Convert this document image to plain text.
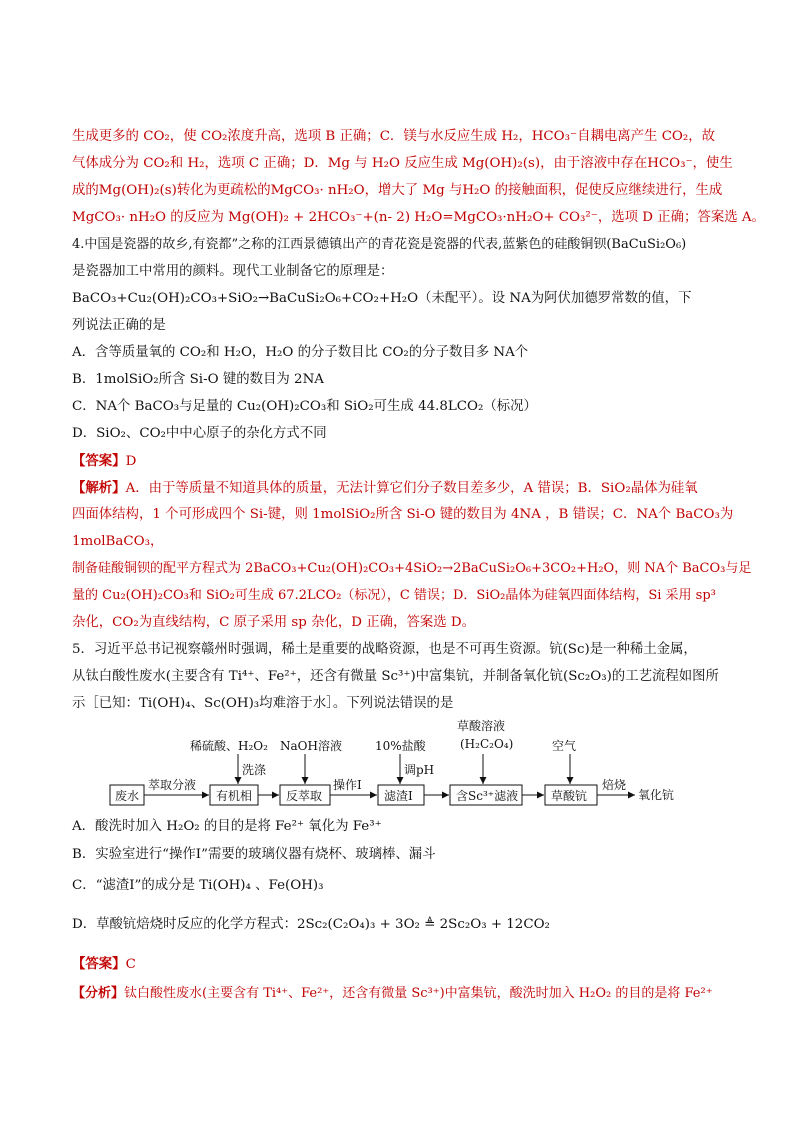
生成更多的 CO₂，使 CO₂浓度升高，选项 B 正确；C．镁与水反应生成 H₂，HCO₃⁻自耦电离产生 CO₂，故
气体成分为 CO₂和 H₂，选项 C 正确；D．Mg 与 H₂O 反应生成 Mg(OH)₂(s)，由于溶液中存在HCO₃⁻，使生
成的Mg(OH)₂(s)转化为更疏松的MgCO₃· nH₂O，增大了 Mg 与H₂O 的接触面积，促使反应继续进行，生成
MgCO₃· nH₂O 的反应为 Mg(OH)₂ + 2HCO₃⁻+(n- 2) H₂O=MgCO₃·nH₂O+ CO₃²⁻，选项 D 正确；答案选 A。
4.中国是瓷器的故乡,有瓷都”之称的江西景德镇出产的青花瓷是瓷器的代表,蓝紫色的硅酸铜钡(BaCuSi₂O₆)
是瓷器加工中常用的颜料。现代工业制备它的原理是：
BaCO₃+Cu₂(OH)₂CO₃+SiO₂→BaCuSi₂O₆+CO₂+H₂O（未配平）。设 NA为阿伏加德罗常数的值，下
列说法正确的是
A．含等质量氧的 CO₂和 H₂O，H₂O 的分子数目比 CO₂的分子数目多 NA个
B．1molSiO₂所含 Si-O 键的数目为 2NA
C．NA个 BaCO₃与足量的 Cu₂(OH)₂CO₃和 SiO₂可生成 44.8LCO₂（标况）
D．SiO₂、CO₂中中心原子的杂化方式不同
【答案】D
【解析】A．由于等质量不知道具体的质量，无法计算它们分子数目差多少，A 错误；B．SiO₂晶体为硅氧
四面体结构，1 个可形成四个 Si-键，则 1molSiO₂所含 Si-O 键的数目为 4NA ，B 错误；C．NA个 BaCO₃为
1molBaCO₃，
制备硅酸铜钡的配平方程式为 2BaCO₃+Cu₂(OH)₂CO₃+4SiO₂→2BaCuSi₂O₆+3CO₂+H₂O，则 NA个 BaCO₃与足
量的 Cu₂(OH)₂CO₃和 SiO₂可生成 67.2LCO₂（标况），C 错误；D．SiO₂晶体为硅氧四面体结构，Si 采用 sp³
杂化，CO₂为直线结构，C 原子采用 sp 杂化，D 正确，答案选 D。
5．习近平总书记视察赣州时强调，稀土是重要的战略资源，也是不可再生资源。钪(Sc)是一种稀土金属，
从钛白酸性废水(主要含有 Ti⁴⁺、Fe²⁺，还含有微量 Sc³⁺)中富集钪，并制备氧化钪(Sc₂O₃)的工艺流程如图所
示［已知：Ti(OH)₄、Sc(OH)₃均难溶于水］。下列说法错误的是
稀硫酸、H₂O₂ NaOH溶液	10%盐酸
草酸溶液
(H₂C₂O₄)	空气
洗涤	调pH
废水	有机相	反萃取	滤渣Ⅰ	含Sc³⁺滤液	草酸钪
萃取分液	操作Ⅰ	焙烧
氧化钪
A．酸洗时加入 H₂O₂ 的目的是将 Fe²⁺ 氧化为 Fe³⁺
B．实验室进行“操作Ⅰ”需要的玻璃仪器有烧杯、玻璃棒、漏斗
C．“滤渣Ⅰ”的成分是 Ti(OH)₄ 、Fe(OH)₃
D．草酸钪焙烧时反应的化学方程式：2Sc₂(C₂O₄)₃ + 3O₂ ≜ 2Sc₂O₃ + 12CO₂
【答案】C
【分析】钛白酸性废水(主要含有 Ti⁴⁺、Fe²⁺，还含有微量 Sc³⁺)中富集钪，酸洗时加入 H₂O₂ 的目的是将 Fe²⁺
